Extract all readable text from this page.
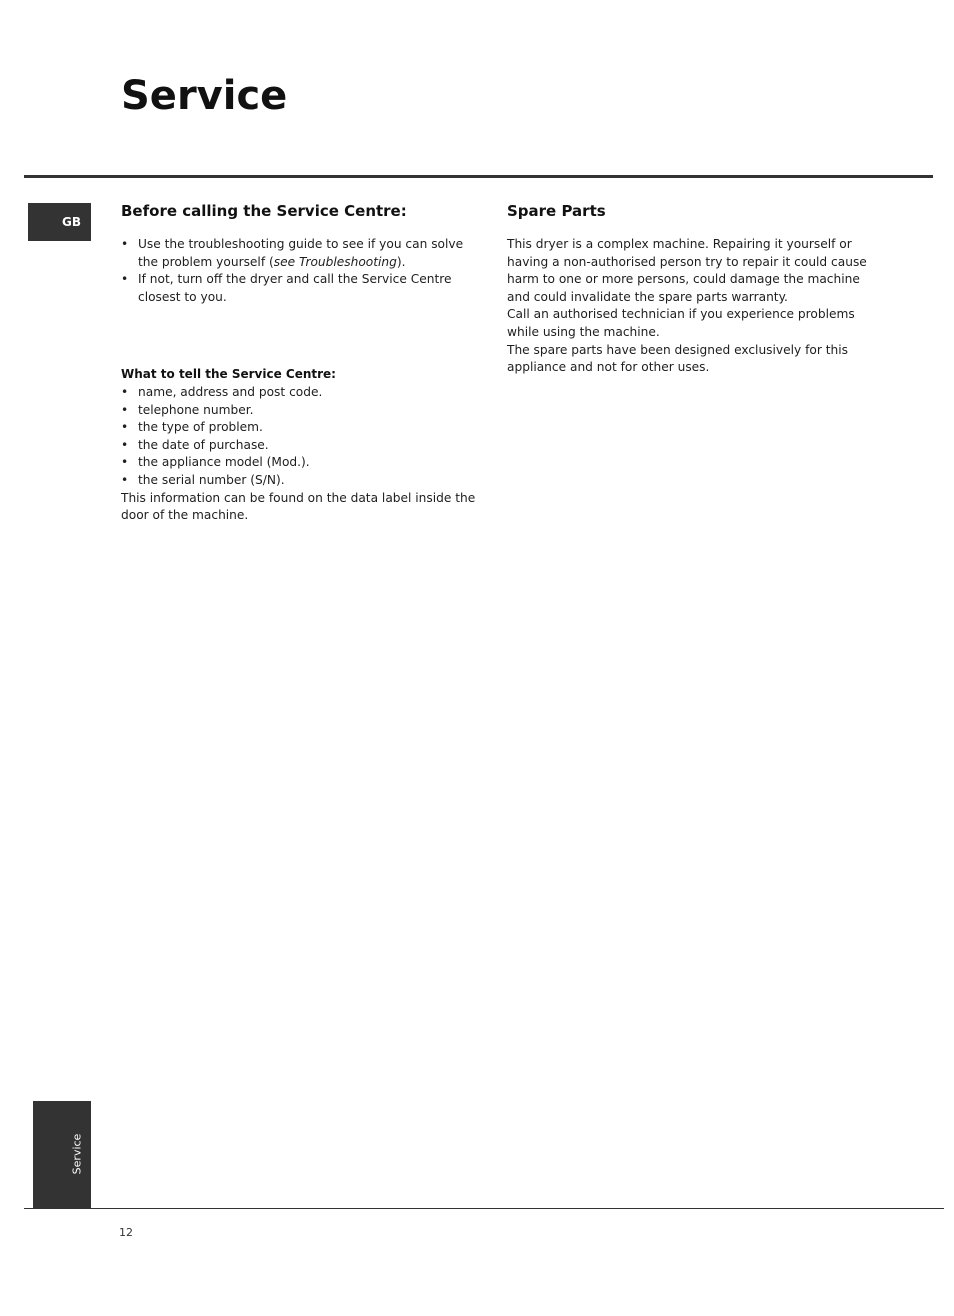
Service
GB
Before calling the Service Centre:
• Use the troubleshooting guide to see if you can solve the problem yourself (see Troubleshooting).
• If not, turn off the dryer and call the Service Centre closest to you.
What to tell the Service Centre:
• name, address and post code.
• telephone number.
• the type of problem.
• the date of purchase.
• the appliance model (Mod.).
• the serial number (S/N).

This information can be found on the data label inside the door of the machine.

Spare Parts

This dryer is a complex machine. Repairing it yourself or having a non-authorised person try to repair it could cause harm to one or more persons, could damage the machine and could invalidate the spare parts warranty.

Call an authorised technician if you experience problems while using the machine.

The spare parts have been designed exclusively for this appliance and not for other uses.

Service
12
